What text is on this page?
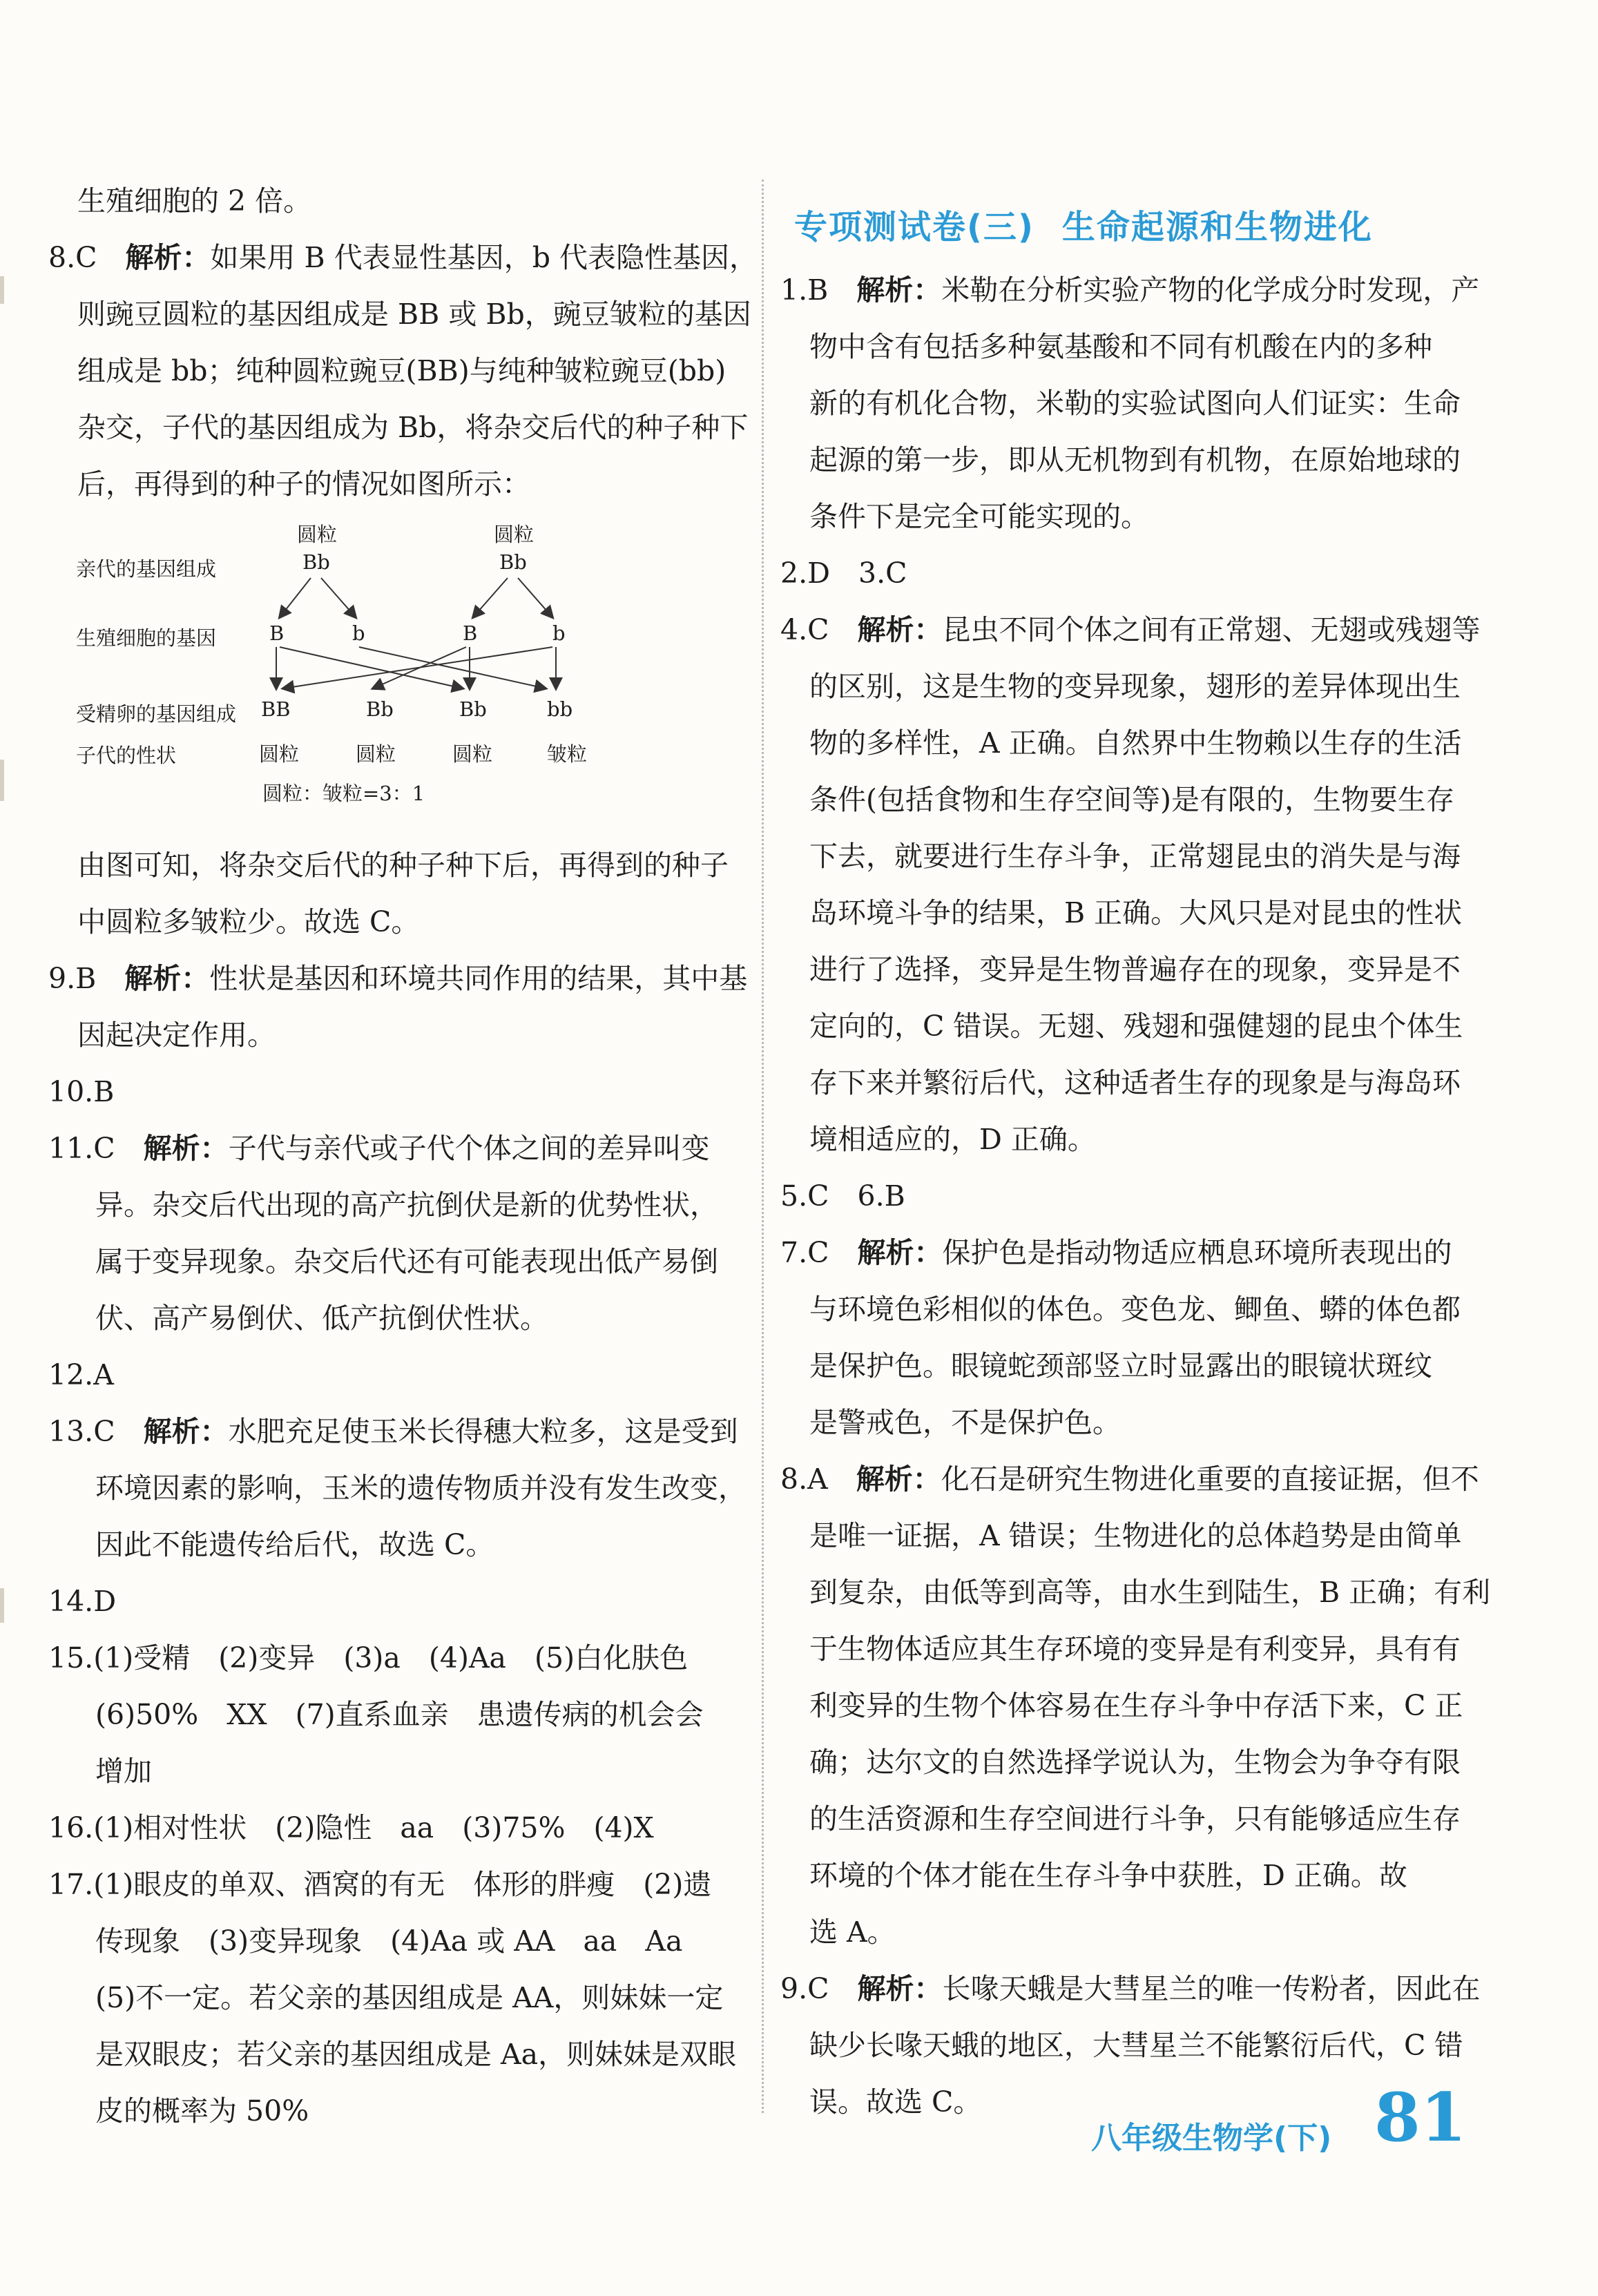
生殖细胞的 2 倍。

8.C　 解析：如果用 B 代表显性基因，b 代表隐性基因，

则豌豆圆粒的基因组成是 BB 或 Bb，豌豆皱粒的基因

组成是 bb；纯种圆粒豌豆(BB)与纯种皱粒豌豆(bb)

杂交，子代的基因组成为 Bb，将杂交后代的种子种下

后，再得到的种子的情况如图所示：

圆粒	圆粒
亲代的基因组成	Bb	Bb
生殖细胞的基因	B	b	B	b
受精卵的基因组成 BB	Bb	Bb	bb
子代的性状	圆粒	圆粒	圆粒	皱粒
圆粒：皱粒=3：1

由图可知，将杂交后代的种子种下后，再得到的种子

中圆粒多皱粒少。故选 C。

9.B　 解析：性状是基因和环境共同作用的结果，其中基

因起决定作用。

10.B

11.C　 解析：子代与亲代或子代个体之间的差异叫变

异。杂交后代出现的高产抗倒伏是新的优势性状，

属于变异现象。杂交后代还有可能表现出低产易倒

伏、高产易倒伏、低产抗倒伏性状。

12.A

13.C　 解析：水肥充足使玉米长得穗大粒多，这是受到

环境因素的影响，玉米的遗传物质并没有发生改变，

因此不能遗传给后代，故选 C。

14.D

15.(1)受精　(2)变异　(3)a　(4)Aa　(5)白化肤色

(6)50%　XX　(7)直系血亲　患遗传病的机会会

增加

16.(1)相对性状　(2)隐性　aa　(3)75%　(4)X

17.(1)眼皮的单双、酒窝的有无　体形的胖瘦　(2)遗

传现象　(3)变异现象　(4)Aa 或 AA　aa　Aa

(5)不一定。若父亲的基因组成是 AA，则妹妹一定

是双眼皮；若父亲的基因组成是 Aa，则妹妹是双眼

皮的概率为 50%

专项测试卷(三) 生命起源和生物进化

1.B　 解析：米勒在分析实验产物的化学成分时发现，产

物中含有包括多种氨基酸和不同有机酸在内的多种

新的有机化合物，米勒的实验试图向人们证实：生命

起源的第一步，即从无机物到有机物，在原始地球的

条件下是完全可能实现的。

2.D　3.C

4.C　 解析：昆虫不同个体之间有正常翅、无翅或残翅等

的区别，这是生物的变异现象，翅形的差异体现出生

物的多样性，A 正确。自然界中生物赖以生存的生活

条件(包括食物和生存空间等)是有限的，生物要生存

下去，就要进行生存斗争，正常翅昆虫的消失是与海

岛环境斗争的结果，B 正确。大风只是对昆虫的性状

进行了选择，变异是生物普遍存在的现象，变异是不

定向的，C 错误。无翅、残翅和强健翅的昆虫个体生

存下来并繁衍后代，这种适者生存的现象是与海岛环

境相适应的，D 正确。

5.C　6.B

7.C　 解析：保护色是指动物适应栖息环境所表现出的

与环境色彩相似的体色。变色龙、鲫鱼、蟒的体色都

是保护色。眼镜蛇颈部竖立时显露出的眼镜状斑纹

是警戒色，不是保护色。

8.A　 解析：化石是研究生物进化重要的直接证据，但不

是唯一证据，A 错误；生物进化的总体趋势是由简单

到复杂，由低等到高等，由水生到陆生，B 正确；有利

于生物体适应其生存环境的变异是有利变异，具有有

利变异的生物个体容易在生存斗争中存活下来，C 正

确；达尔文的自然选择学说认为，生物会为争夺有限

的生活资源和生存空间进行斗争，只有能够适应生存

环境的个体才能在生存斗争中获胜，D 正确。故

选 A。

9.C　 解析：长喙天蛾是大彗星兰的唯一传粉者，因此在

缺少长喙天蛾的地区，大彗星兰不能繁衍后代，C 错

误。故选 C。

八年级生物学(下) 81
